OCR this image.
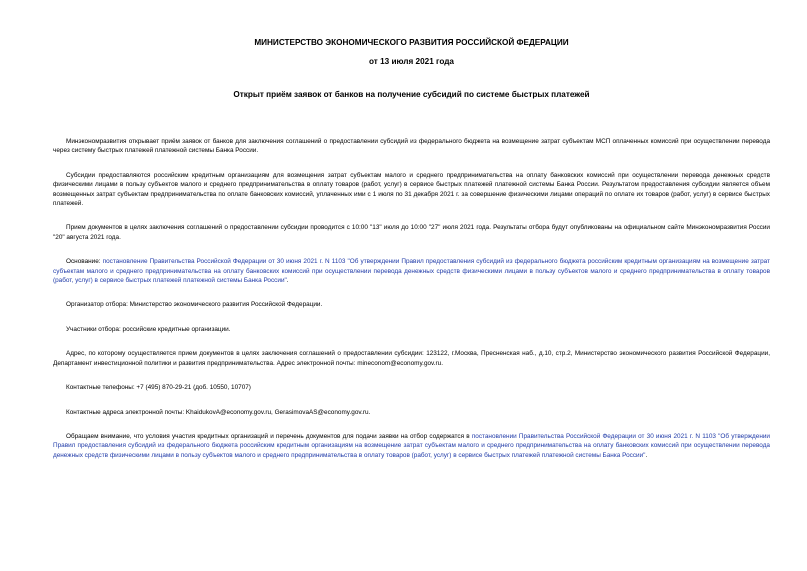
МИНИСТЕРСТВО ЭКОНОМИЧЕСКОГО РАЗВИТИЯ РОССИЙСКОЙ ФЕДЕРАЦИИ

от 13 июля 2021 года

Открыт приём заявок от банков на получение субсидий по системе быстрых платежей

Минэкономразвития открывает приём заявок от банков для заключения соглашений о предоставлении субсидий из федерального бюджета на возмещение затрат субъектам МСП оплаченных комиссий при осуществлении перевода через систему быстрых платежей платежной системы Банка России.

Субсидии предоставляются российским кредитным организациям для возмещения затрат субъектам малого и среднего предпринимательства на оплату банковских комиссий при осуществлении перевода денежных средств физическими лицами в пользу субъектов малого и среднего предпринимательства в оплату товаров (работ, услуг) в сервисе быстрых платежей платежной системы Банка России. Результатом предоставления субсидии является объем возмещенных затрат субъектам предпринимательства по оплате банковских комиссий, уплаченных ими с 1 июля по 31 декабря 2021 г. за совершение физическими лицами операций по оплате их товаров (работ, услуг) в сервисе быстрых платежей.

Прием документов в целях заключения соглашений о предоставлении субсидии проводится с 10:00 "13" июля до 10:00 "27" июля 2021 года. Результаты отбора будут опубликованы на официальном сайте Минэкономразвития России "20" августа 2021 года.

Основание: постановление Правительства Российской Федерации от 30 июня 2021 г. N 1103 "Об утверждении Правил предоставления субсидий из федерального бюджета российским кредитным организациям на возмещение затрат субъектам малого и среднего предпринимательства на оплату банковских комиссий при осуществлении перевода денежных средств физическими лицами в пользу субъектов малого и среднего предпринимательства в оплату товаров (работ, услуг) в сервисе быстрых платежей платежной системы Банка России".

Организатор отбора: Министерство экономического развития Российской Федерации.

Участники отбора: российские кредитные организации.

Адрес, по которому осуществляется прием документов в целях заключения соглашений о предоставлении субсидии: 123122, г.Москва, Пресненская наб., д.10, стр.2, Министерство экономического развития Российской Федерации, Департамент инвестиционной политики и развития предпринимательства. Адрес электронной почты: mineconom@economy.gov.ru.

Контактные телефоны: +7 (495) 870-29-21 (доб. 10550, 10707)

Контактные адреса электронной почты: KhaidukovA@economy.gov.ru, GerasimovaAS@economy.gov.ru.

Обращаем внимание, что условия участия кредитных организаций и перечень документов для подачи заявки на отбор содержатся в постановлении Правительства Российской Федерации от 30 июня 2021 г. N 1103 "Об утверждении Правил предоставления субсидий из федерального бюджета российским кредитным организациям на возмещение затрат субъектам малого и среднего предпринимательства на оплату банковских комиссий при осуществлении перевода денежных средств физическими лицами в пользу субъектов малого и среднего предпринимательства в оплату товаров (работ, услуг) в сервисе быстрых платежей платежной системы Банка России".
